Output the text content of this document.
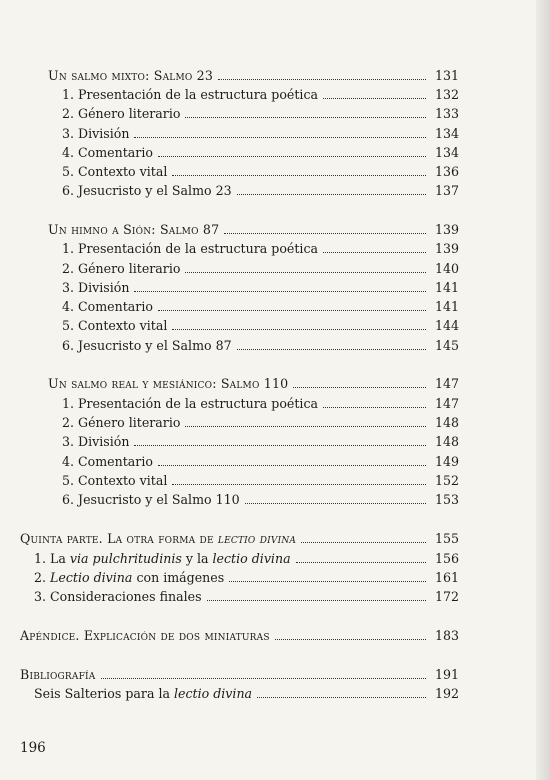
Un salmo mixto: Salmo 23	131
1. Presentación de la estructura poética	132
2. Género literario	133
3. División	134
4. Comentario	134
5. Contexto vital	136
6. Jesucristo y el Salmo 23	137
Un himno a Sión: Salmo 87	139
1. Presentación de la estructura poética	139
2. Género literario	140
3. División	141
4. Comentario	141
5. Contexto vital	144
6. Jesucristo y el Salmo 87	145
Un salmo real y mesiánico: Salmo 110	147
1. Presentación de la estructura poética	147
2. Género literario	148
3. División	148
4. Comentario	149
5. Contexto vital	152
6. Jesucristo y el Salmo 110	153
Quinta parte. La otra forma de lectio divina	155
1. La via pulchritudinis y la lectio divina	156
2. Lectio divina con imágenes	161
3. Consideraciones finales	172
Apéndice. Explicación de dos miniaturas	183
Bibliografía	191
Seis Salterios para la lectio divina	192
196
